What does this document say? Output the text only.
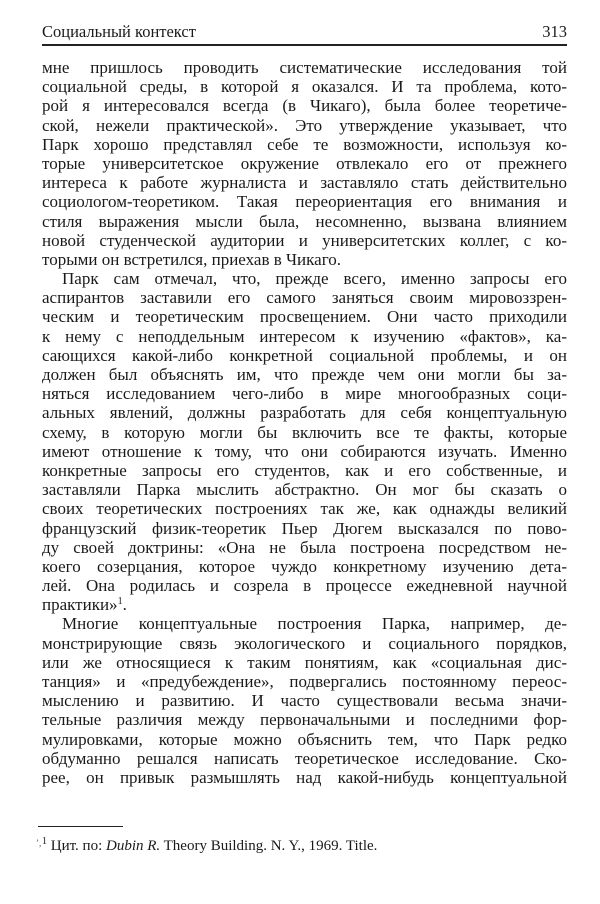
Социальный контекст	313
мне пришлось проводить систематические исследования той
социальной среды, в которой я оказался. И та проблема, кото-
рой я интересовался всегда (в Чикаго), была более теоретиче-
ской, нежели практической». Это утверждение указывает, что
Парк хорошо представлял себе те возможности, используя ко-
торые университетское окружение отвлекало его от прежнего
интереса к работе журналиста и заставляло стать действительно
социологом-теоретиком. Такая переориентация его внимания и
стиля выражения мысли была, несомненно, вызвана влиянием
новой студенческой аудитории и университетских коллег, с ко-
торыми он встретился, приехав в Чикаго.
Парк сам отмечал, что, прежде всего, именно запросы его
аспирантов заставили его самого заняться своим мировоззрен-
ческим и теоретическим просвещением. Они часто приходили
к нему с неподдельным интересом к изучению «фактов», ка-
сающихся какой-либо конкретной социальной проблемы, и он
должен был объяснять им, что прежде чем они могли бы за-
няться исследованием чего-либо в мире многообразных соци-
альных явлений, должны разработать для себя концептуальную
схему, в которую могли бы включить все те факты, которые
имеют отношение к тому, что они собираются изучать. Именно
конкретные запросы его студентов, как и его собственные, и
заставляли Парка мыслить абстрактно. Он мог бы сказать о
своих теоретических построениях так же, как однажды великий
французский физик-теоретик Пьер Дюгем высказался по пово-
ду своей доктрины: «Она не была построена посредством не-
коего созерцания, которое чуждо конкретному изучению дета-
лей. Она родилась и созрела в процессе ежедневной научной
практики»$^1$.
Многие концептуальные построения Парка, например, де-
монстрирующие связь экологического и социального порядков,
или же относящиеся к таким понятиям, как «социальная дис-
танция» и «предубеждение», подвергались постоянному переос-
мыслению и развитию. И часто существовали весьма значи-
тельные различия между первоначальными и последними фор-
мулировками, которые можно объяснить тем, что Парк редко
обдуманно решался написать теоретическое исследование. Ско-
рее, он привык размышлять над какой-нибудь концептуальной
ʼ, $^1$ Цит. по: Dubin R. Theory Building. N. Y., 1969. Title.
